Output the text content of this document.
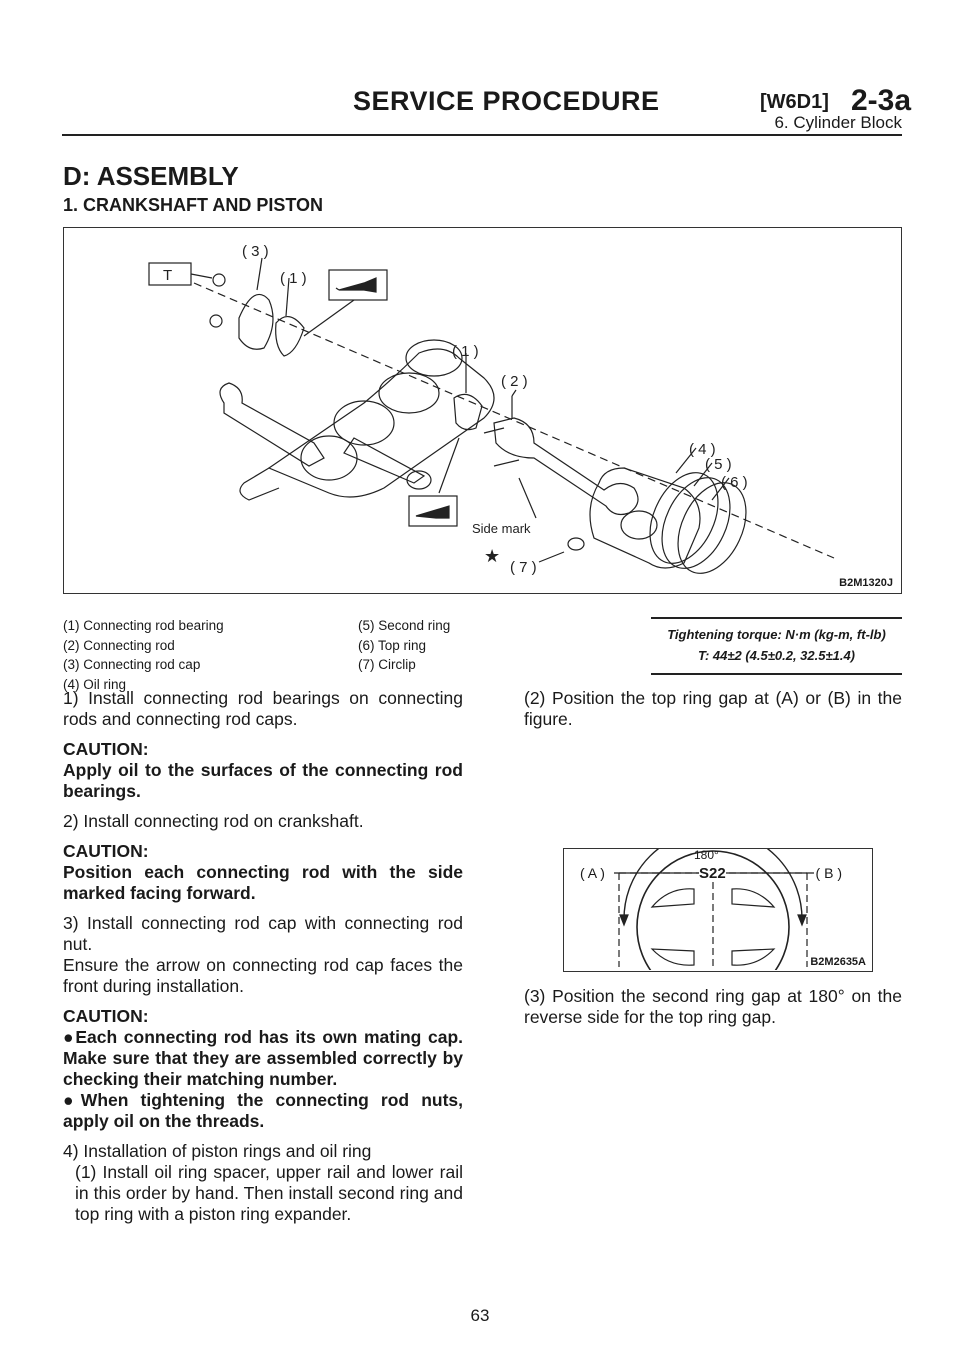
SERVICE PROCEDURE	[W6D1] 2-3a
6. Cylinder Block
D: ASSEMBLY
1. CRANKSHAFT AND PISTON
★
T
( 3 )
( 1 )
( 1 )
( 2 )
( 4 )
( 5 )
( 6 )
( 7 )
Side mark
B2M1320J
(1) Connecting rod bearing
(2) Connecting rod
(3) Connecting rod cap
(4) Oil ring
(5) Second ring
(6) Top ring
(7) Circlip
Tightening torque: N·m (kg-m, ft-lb)
T: 44±2 (4.5±0.2, 32.5±1.4)

1) Install connecting rod bearings on connecting rods and connecting rod caps.

CAUTION:
Apply oil to the surfaces of the connecting rod bearings.

2) Install connecting rod on crankshaft.

CAUTION:
Position each connecting rod with the side marked facing forward.

3) Install connecting rod cap with connecting rod nut.
Ensure the arrow on connecting rod cap faces the front during installation.

CAUTION:
●Each connecting rod has its own mating cap. Make sure that they are assembled correctly by checking their matching number.
●When tightening the connecting rod nuts, apply oil on the threads.

4) Installation of piston rings and oil ring

(1) Install oil ring spacer, upper rail and lower rail in this order by hand. Then install second ring and top ring with a piston ring expander.

(2) Position the top ring gap at (A) or (B) in the figure.
180°
( A )	( B )
S22
B2M2635A
(3) Position the second ring gap at 180° on the reverse side for the top ring gap.
63
